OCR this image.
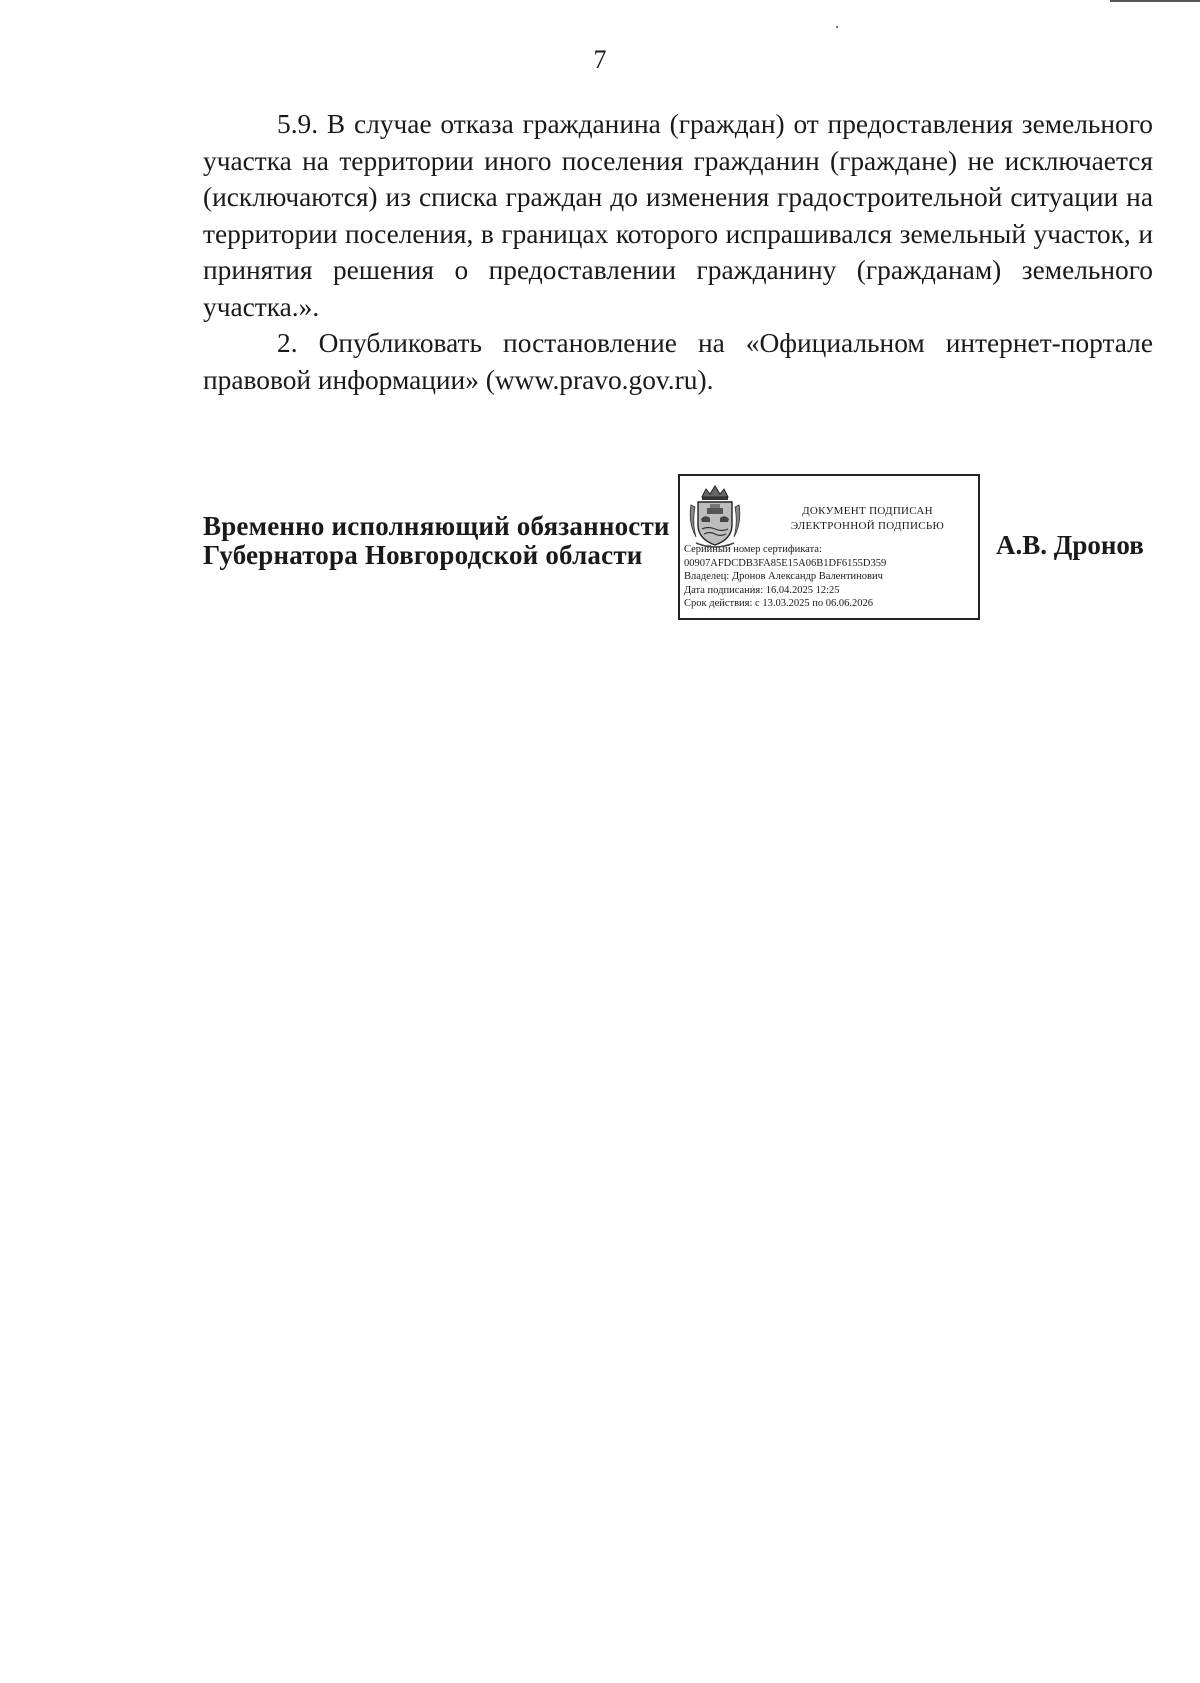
7

5.9. В случае отказа гражданина (граждан) от предоставления земельного участка на территории иного поселения гражданин (граждане) не исключается (исключаются) из списка граждан до изменения градостроительной ситуации на территории поселения, в границах которого испрашивался земельный участок, и принятия решения о предоставлении гражданину (гражданам) земельного участка.».

2. Опубликовать постановление на «Официальном интернет-портале правовой информации» (www.pravo.gov.ru).

Временно исполняющий обязанности
Губернатора Новгородской области
ДОКУМЕНТ ПОДПИСАН
ЭЛЕКТРОННОЙ ПОДПИСЬЮ
Серийный номер сертификата:
00907AFDCDB3FA85E15A06B1DF6155D359
Владелец: Дронов Александр Валентинович
Дата подписания: 16.04.2025 12:25
Срок действия: с 13.03.2025 по 06.06.2026
А.В. Дронов
